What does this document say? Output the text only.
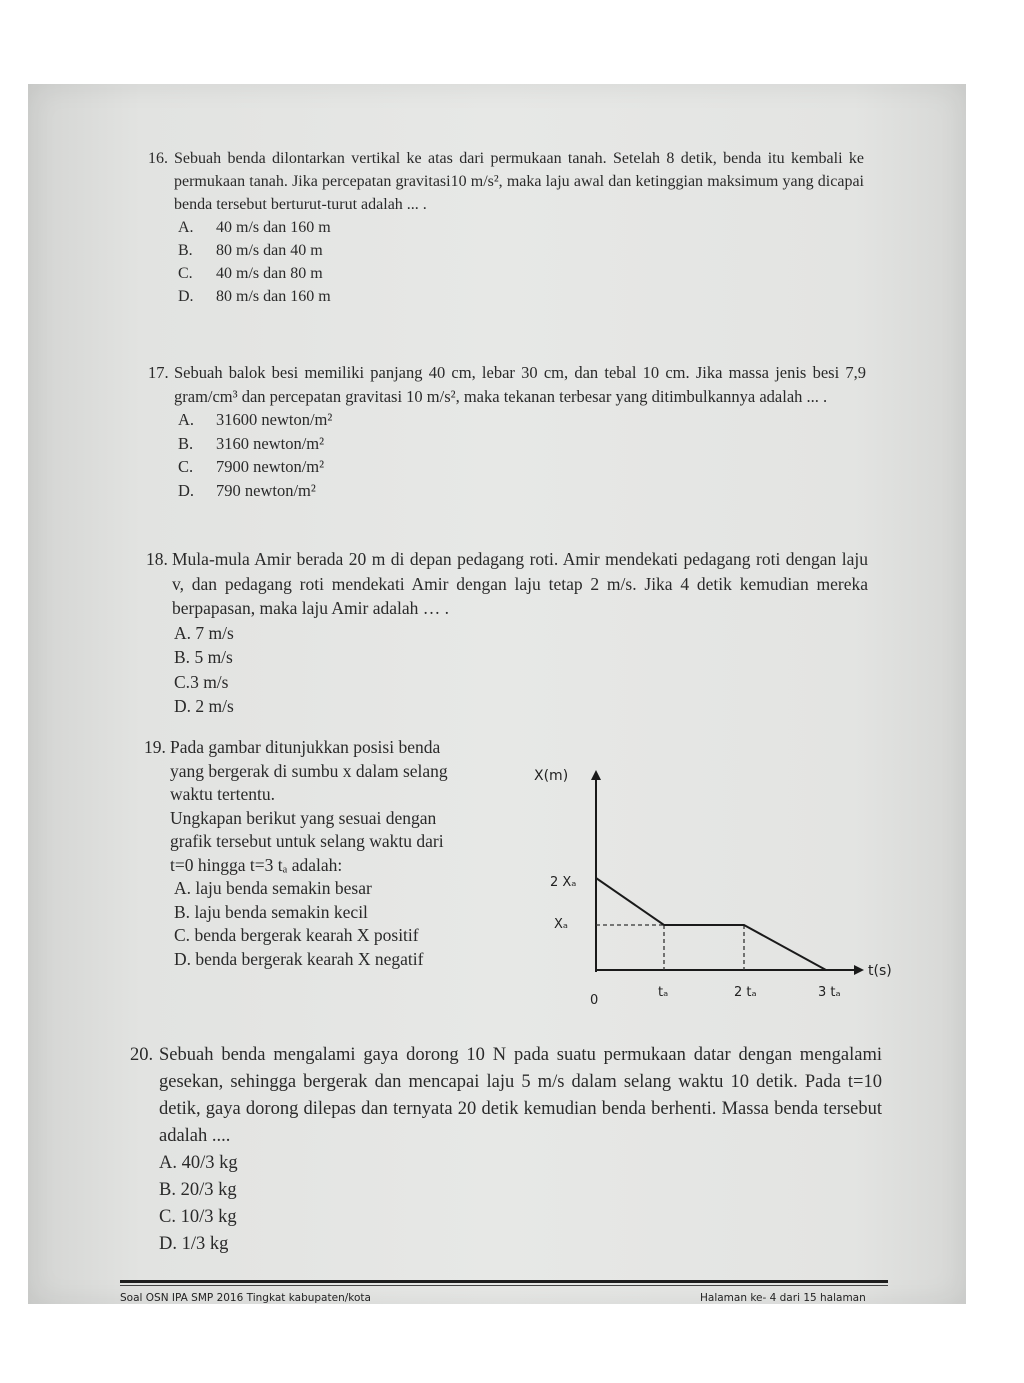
16. Sebuah benda dilontarkan vertikal ke atas dari permukaan tanah. Setelah 8 detik, benda itu kembali ke permukaan tanah. Jika percepatan gravitasi10 m/s², maka laju awal dan ketinggian maksimum yang dicapai benda tersebut berturut-turut adalah ... .
A. 40 m/s dan 160 m
B. 80 m/s dan 40 m
C. 40 m/s dan 80 m
D. 80 m/s dan 160 m
17. Sebuah balok besi memiliki panjang 40 cm, lebar 30 cm, dan tebal 10 cm. Jika massa jenis besi 7,9 gram/cm³ dan percepatan gravitasi 10 m/s², maka tekanan terbesar yang ditimbulkannya adalah ... .
A. 31600 newton/m²
B. 3160 newton/m²
C. 7900 newton/m²
D. 790 newton/m²
18. Mula-mula Amir berada 20 m di depan pedagang roti. Amir mendekati pedagang roti dengan laju v, dan pedagang roti mendekati Amir dengan laju tetap 2 m/s. Jika 4 detik kemudian mereka berpapasan, maka laju Amir adalah … .
A. 7 m/s
B. 5 m/s
C.3 m/s
D. 2 m/s
19. Pada gambar ditunjukkan posisi benda
yang bergerak di sumbu x dalam selang
waktu tertentu.
Ungkapan berikut yang sesuai dengan
grafik tersebut untuk selang waktu dari
t=0 hingga t=3 tₐ adalah:
A. laju benda semakin besar
B. laju benda semakin kecil
C. benda bergerak kearah X positif
D. benda bergerak kearah X negatif
X(m)
t(s)
2 Xₐ
Xₐ
0
tₐ	2 tₐ	3 tₐ
20. Sebuah benda mengalami gaya dorong 10 N pada suatu permukaan datar dengan mengalami gesekan, sehingga bergerak dan mencapai laju 5 m/s dalam selang waktu 10 detik. Pada t=10 detik, gaya dorong dilepas dan ternyata 20 detik kemudian benda berhenti. Massa benda tersebut adalah ....
A. 40/3 kg
B. 20/3 kg
C. 10/3 kg
D. 1/3 kg
Soal OSN IPA SMP 2016 Tingkat kabupaten/kota	Halaman ke- 4 dari 15 halaman
